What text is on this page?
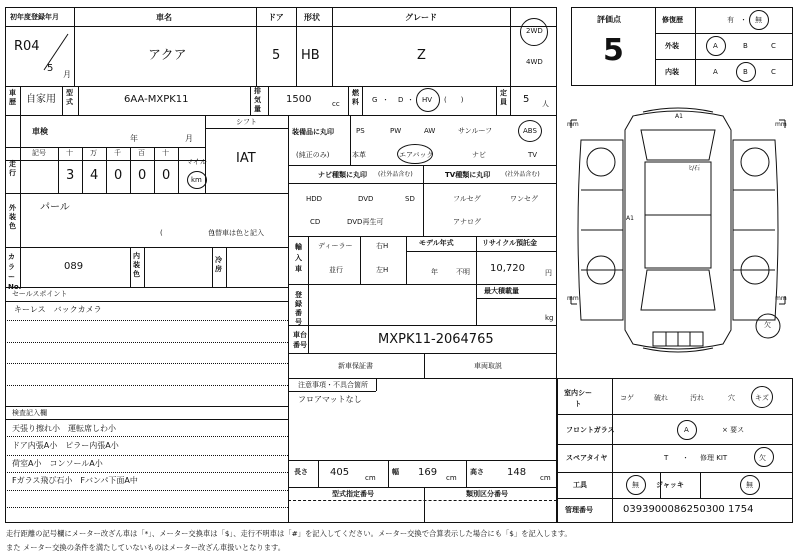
初年度登録年月
R04
5
月
車名
アクア
ドア
5
形状
HB
グレード
Z
2WD
4WD
車歴 自家用
型式	6AA-MXPK11
排気量
1500	cc
燃料 G ・ D ・ HV (　　)
定員 5 人
車検
年	月
シフト
IAT
走行
記号	十 万 千 百 十
マイル
3 4 0 0 0	km
外装色
パール
(　　　　　　　)
色替車は色と記入
カラーNo.
089
内装色
冷房
セールスポイント
キーレス　バックカメラ
検査記入欄
天張り擦れ小　運転席しわ小
ドア内張A小　ピラー内張A小
荷室A小　コンソールA小
Fガラス飛び石小　Fバンパ下面A中
装備品に丸印
(純正のみ)
PS	PW	AW	サンルーフ	ABS
本革	エアバック	ナビ	TV
ナビ種類に丸印 (社外品含む)
HDD	DVD	SD
CD	DVD再生可
TV種類に丸印 (社外品含む)
フルセグ	ワンセグ
アナログ
輸入車
ディーラー
並行
右H
左H
モデル年式
年	不明
リサイクル預託金
10,720	円
登録番号
最大積載量
kg
車台番号	MXPK11-2064765
新車保証書	車両取説
注意事項・不具合箇所
フロアマットなし
長さ 405 cm
幅 169 cm
高さ 148 cm
型式指定番号	類別区分番号
評価点
5
修復歴	有 ・ 無
外装	A	B	C
内装	A	B	C
A1
ﾋ/石
A1
mm	mm
mm	mm
欠
室内シート
コゲ	破れ	汚れ	穴	キズ
フロントガラス	A	× 要ス
スペアタイヤ	T ・ 修理 KIT	欠
工具	無 ジャッキ	無
管理番号	0393900086250300 1754
走行距離の記号欄にメーター改ざん車は「*」、メーター交換車は「$」、走行不明車は「#」を記入してください。メーター交換で合算表示した場合にも「$」を記入します。
また メーター交換の条件を満たしていないものはメーター改ざん車扱いとなります。
